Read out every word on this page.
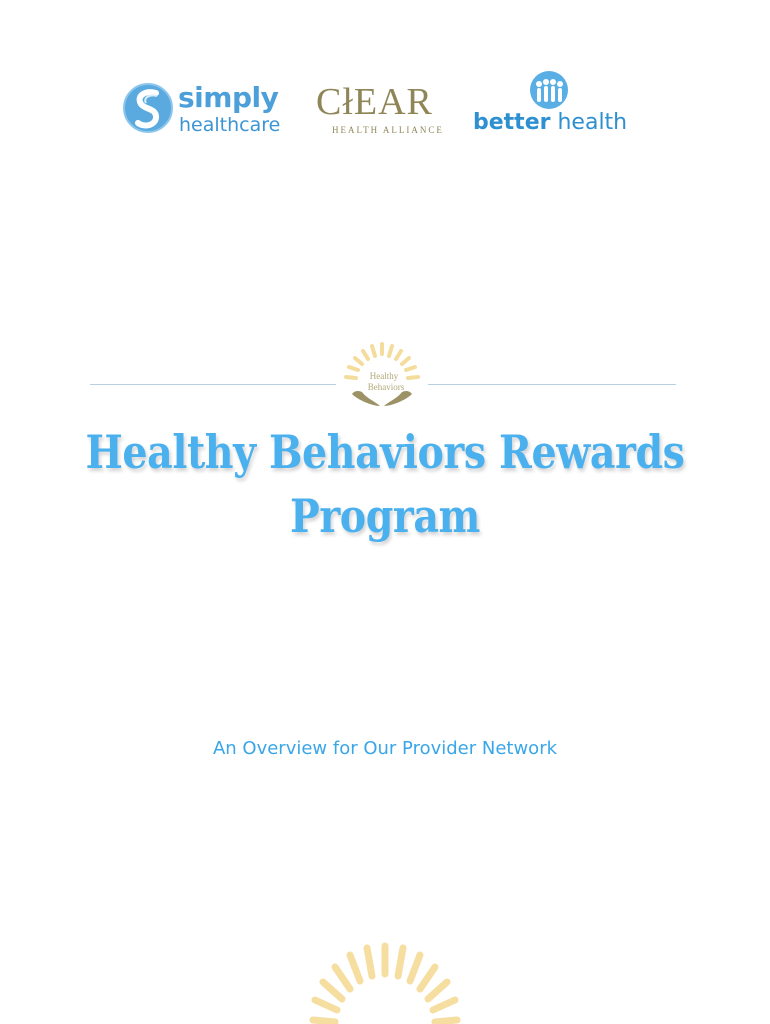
simply
healthcare
CłEAR
HEALTH ALLIANCE better health
Healthy
Behaviors
Healthy Behaviors Rewards
Program
An Overview for Our Provider Network
